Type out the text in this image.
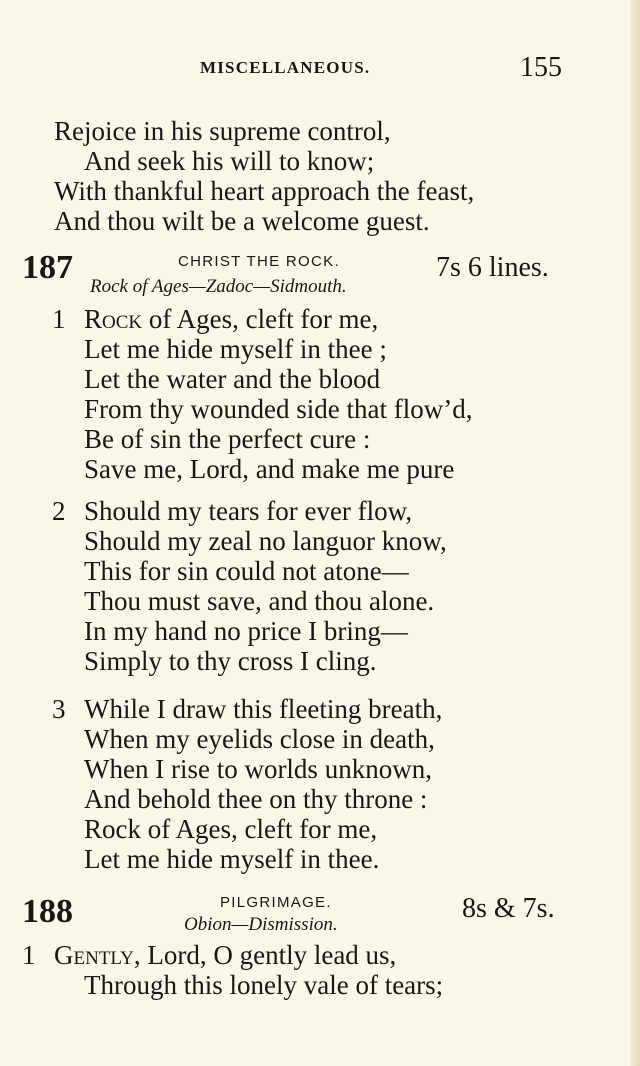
MISCELLANEOUS.	155
Rejoice in his supreme control,
And seek his will to know;
With thankful heart approach the feast,
And thou wilt be a welcome guest.
187	CHRIST THE ROCK.
Rock of Ages—Zadoc—Sidmouth.
7s 6 lines.
1 Rock of Ages, cleft for me,
Let me hide myself in thee ;
Let the water and the blood
From thy wounded side that flow’d,
Be of sin the perfect cure :
Save me, Lord, and make me pure
2 Should my tears for ever flow,
Should my zeal no languor know,
This for sin could not atone—
Thou must save, and thou alone.
In my hand no price I bring—
Simply to thy cross I cling.
3 While I draw this fleeting breath,
When my eyelids close in death,
When I rise to worlds unknown,
And behold thee on thy throne :
Rock of Ages, cleft for me,
Let me hide myself in thee.
188	PILGRIMAGE.
Obion—Dismission.
8s & 7s.
1 Gently, Lord, O gently lead us,
Through this lonely vale of tears;
